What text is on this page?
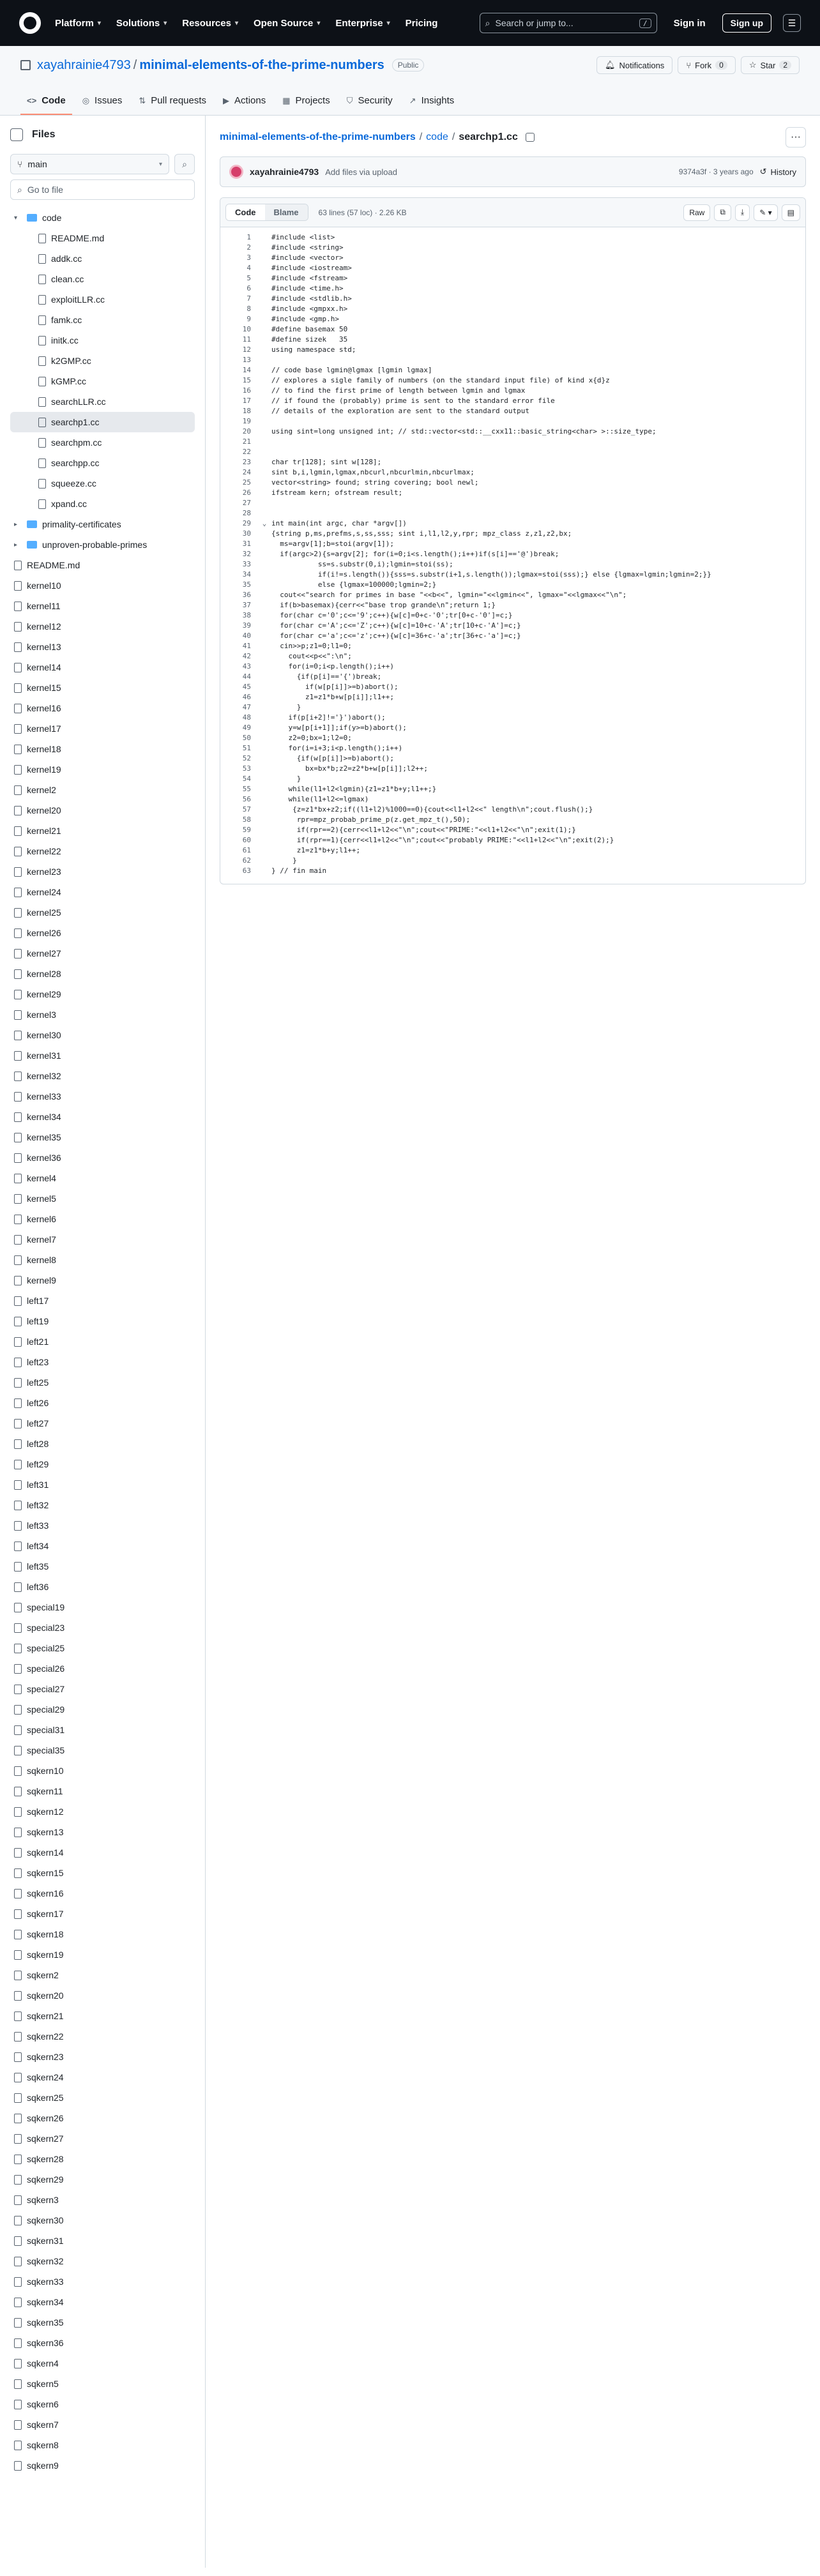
Platform ▾ Solutions ▾ Resources ▾ Open Source ▾ Enterprise ▾ Pricing	⌕ Search or jump to...	/	Sign in	Sign up	☰
xayahrainie4793 / minimal-elements-of-the-prime-numbers	Public	🔔︎ Notifications	⑂ Fork	0	☆ Star	2
<> Code ◎ Issues ⇅ Pull requests ▶ Actions ▦ Projects ⛉ Security ↗ Insights
Files
⑂ main	▾ ⌕
⌕ Go to file
▾	code
README.md
addk.cc
clean.cc
exploitLLR.cc
famk.cc
initk.cc
k2GMP.cc
kGMP.cc
searchLLR.cc
searchp1.cc
searchpm.cc
searchpp.cc
squeeze.cc
xpand.cc
▸	primality-certificates
▸	unproven-probable-primes
README.md
kernel10
kernel11
kernel12
kernel13
kernel14
kernel15
kernel16
kernel17
kernel18
kernel19
kernel2
kernel20
kernel21
kernel22
kernel23
kernel24
kernel25
kernel26
kernel27
kernel28
kernel29
kernel3
kernel30
kernel31
kernel32
kernel33
kernel34
kernel35
kernel36
kernel4
kernel5
kernel6
kernel7
kernel8
kernel9
left17
left19
left21
left23
left25
left26
left27
left28
left29
left31
left32
left33
left34
left35
left36
special19
special23
special25
special26
special27
special29
special31
special35
sqkern10
sqkern11
sqkern12
sqkern13
sqkern14
sqkern15
sqkern16
sqkern17
sqkern18
sqkern19
sqkern2
sqkern20
sqkern21
sqkern22
sqkern23
sqkern24
sqkern25
sqkern26
sqkern27
sqkern28
sqkern29
sqkern3
sqkern30
sqkern31
sqkern32
sqkern33
sqkern34
sqkern35
sqkern36
sqkern4
sqkern5
sqkern6
sqkern7
sqkern8
sqkern9
minimal-elements-of-the-prime-numbers / code / searchp1.cc	···
xayahrainie4793 Add files via upload	9374a3f · 3 years ago ↺ History
Code	Blame	63 lines (57 loc) · 2.26 KB	Raw	⧉	⤓	✎ ▾	▤
1	#include <list>
2	#include <string>
3	#include <vector>
4	#include <iostream>
5	#include <fstream>
6	#include <time.h>
7	#include <stdlib.h>
8	#include <gmpxx.h>
9	#include <gmp.h>
10	#define basemax 50
11	#define sizek   35
12	using namespace std;
13
14	// code base lgmin@lgmax [lgmin lgmax]
15	// explores a sigle family of numbers (on the standard input file) of kind x{d}z
16	// to find the first prime of length between lgmin and lgmax
17	// if found the (probably) prime is sent to the standard error file
18	// details of the exploration are sent to the standard output
19
20	using sint=long unsigned int; // std::vector<std::__cxx11::basic_string<char> >::size_type;
21
22
23	char tr[128]; sint w[128];
24	sint b,i,lgmin,lgmax,nbcurl,nbcurlmin,nbcurlmax;
25	vector<string> found; string covering; bool newl;
26	ifstream kern; ofstream result;
27
28
29	⌄ int main(int argc, char *argv[])
30	{string p,ms,prefms,s,ss,sss; sint i,l1,l2,y,rpr; mpz_class z,z1,z2,bx;
31	ms=argv[1];b=stoi(argv[1]);
32	if(argc>2){s=argv[2]; for(i=0;i<s.length();i++)if(s[i]=='@')break;
33	ss=s.substr(0,i);lgmin=stoi(ss);
34	if(i!=s.length()){sss=s.substr(i+1,s.length());lgmax=stoi(sss);} else {lgmax=lgmin;lgmin=2;}}
35	else {lgmax=100000;lgmin=2;}
36	cout<<"search for primes in base "<<b<<", lgmin="<<lgmin<<", lgmax="<<lgmax<<"\n";
37	if(b>basemax){cerr<<"base trop grande\n";return 1;}
38	for(char c='0';c<='9';c++){w[c]=0+c-'0';tr[0+c-'0']=c;}
39	for(char c='A';c<='Z';c++){w[c]=10+c-'A';tr[10+c-'A']=c;}
40	for(char c='a';c<='z';c++){w[c]=36+c-'a';tr[36+c-'a']=c;}
41	cin>>p;z1=0;l1=0;
42	cout<<p<<":\n";
43	for(i=0;i<p.length();i++)
44	{if(p[i]=='{')break;
45	if(w[p[i]]>=b)abort();
46	z1=z1*b+w[p[i]];l1++;
47	}
48	if(p[i+2]!='}')abort();
49	y=w[p[i+1]];if(y>=b)abort();
50	z2=0;bx=1;l2=0;
51	for(i=i+3;i<p.length();i++)
52	{if(w[p[i]]>=b)abort();
53	bx=bx*b;z2=z2*b+w[p[i]];l2++;
54	}
55	while(l1+l2<lgmin){z1=z1*b+y;l1++;}
56	while(l1+l2<=lgmax)
57	{z=z1*bx+z2;if((l1+l2)%1000==0){cout<<l1+l2<<" length\n";cout.flush();}
58	rpr=mpz_probab_prime_p(z.get_mpz_t(),50);
59	if(rpr==2){cerr<<l1+l2<<"\n";cout<<"PRIME:"<<l1+l2<<"\n";exit(1);}
60	if(rpr==1){cerr<<l1+l2<<"\n";cout<<"probably PRIME:"<<l1+l2<<"\n";exit(2);}
61	z1=z1*b+y;l1++;
62	}
63	} // fin main
